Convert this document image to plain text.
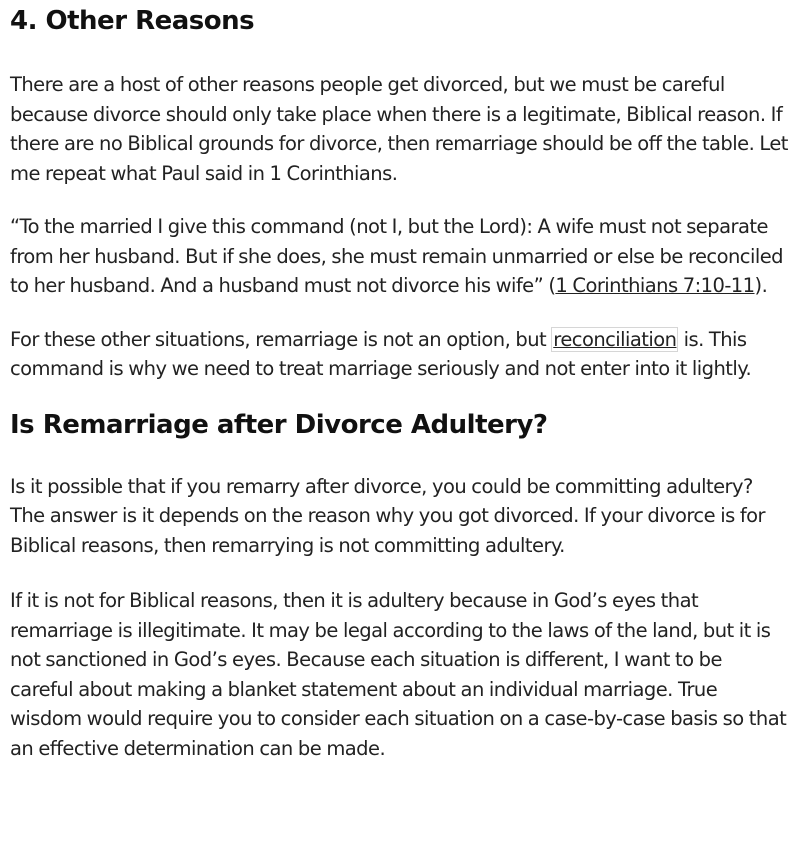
4. Other Reasons

There are a host of other reasons people get divorced, but we must be careful because divorce should only take place when there is a legitimate, Biblical reason. If there are no Biblical grounds for divorce, then remarriage should be off the table. Let me repeat what Paul said in 1 Corinthians.

“To the married I give this command (not I, but the Lord): A wife must not separate from her husband. But if she does, she must remain unmarried or else be reconciled to her husband. And a husband must not divorce his wife” (1 Corinthians 7:10-11).

For these other situations, remarriage is not an option, but reconciliation is. This command is why we need to treat marriage seriously and not enter into it lightly.

Is Remarriage after Divorce Adultery?

Is it possible that if you remarry after divorce, you could be committing adultery? The answer is it depends on the reason why you got divorced. If your divorce is for Biblical reasons, then remarrying is not committing adultery.

If it is not for Biblical reasons, then it is adultery because in God’s eyes that remarriage is illegitimate. It may be legal according to the laws of the land, but it is not sanctioned in God’s eyes. Because each situation is different, I want to be careful about making a blanket statement about an individual marriage. True wisdom would require you to consider each situation on a case-by-case basis so that an effective determination can be made.
